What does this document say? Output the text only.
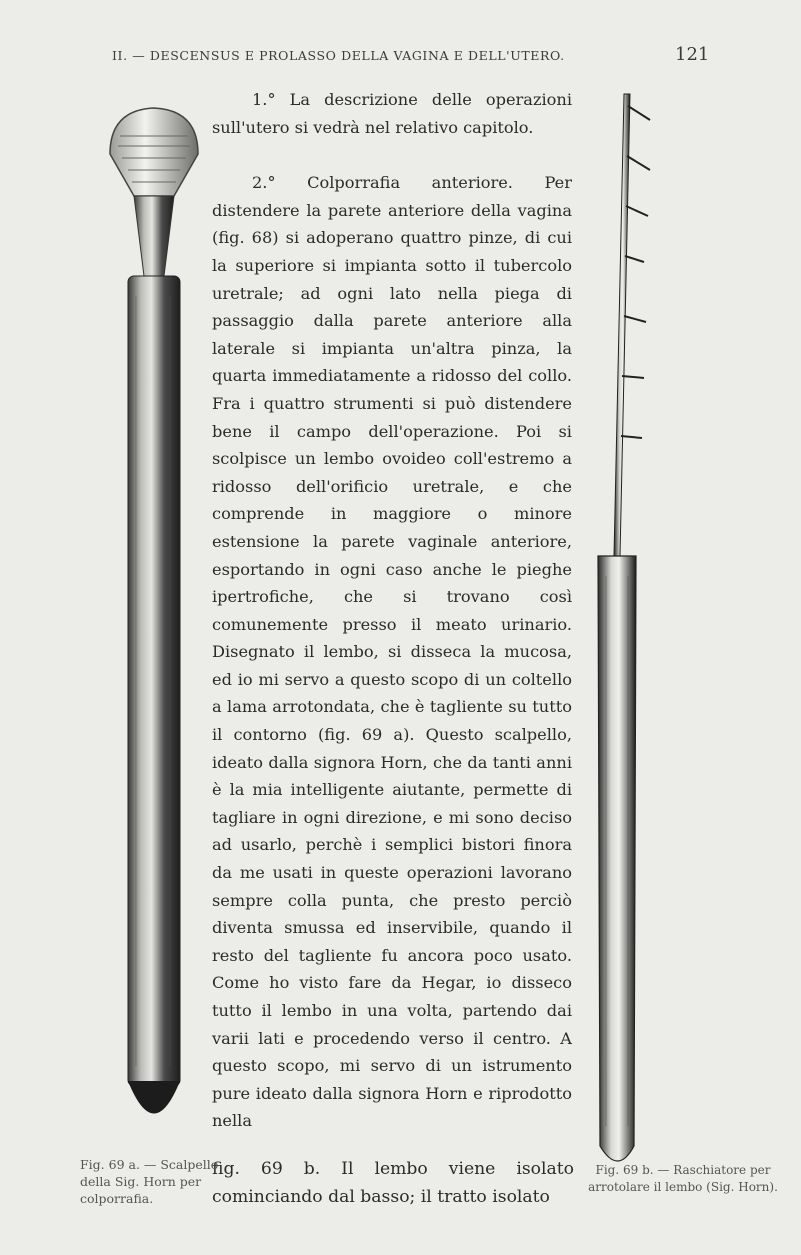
II. — DESCENSUS E PROLASSO DELLA VAGINA E DELL'UTERO.	121

1.° La descrizione delle operazioni sull'utero si vedrà nel relativo capitolo.

2.° Colporrafia anteriore. Per distendere la parete anteriore della vagina (fig. 68) si adoperano quattro pinze, di cui la superiore si impianta sotto il tubercolo uretrale; ad ogni lato nella piega di passaggio dalla parete anteriore alla laterale si impianta un'altra pinza, la quarta immediatamente a ridosso del collo. Fra i quattro strumenti si può distendere bene il campo dell'operazione. Poi si scolpisce un lembo ovoideo coll'estremo a ridosso dell'orificio uretrale, e che comprende in maggiore o minore estensione la parete vaginale anteriore, esportando in ogni caso anche le pieghe ipertrofiche, che si trovano così comunemente presso il meato urinario. Disegnato il lembo, si disseca la mucosa, ed io mi servo a questo scopo di un coltello a lama arrotondata, che è tagliente su tutto il contorno (fig. 69 a). Questo scalpello, ideato dalla signora Horn, che da tanti anni è la mia intelligente aiutante, permette di tagliare in ogni direzione, e mi sono deciso ad usarlo, perchè i semplici bistori finora da me usati in queste operazioni lavorano sempre colla punta, che presto perciò diventa smussa ed inservibile, quando il resto del tagliente fu ancora poco usato. Come ho visto fare da Hegar, io disseco tutto il lembo in una volta, partendo dai varii lati e procedendo verso il centro. A questo scopo, mi servo di un istrumento pure ideato dalla signora Horn e riprodotto nella

fig. 69 b. Il lembo viene isolato cominciando dal basso; il tratto isolato
Fig. 69 a. — Scalpello della Sig. Horn per colporrafia.
Fig. 69 b. — Raschiatore per arrotolare il lembo (Sig. Horn).
